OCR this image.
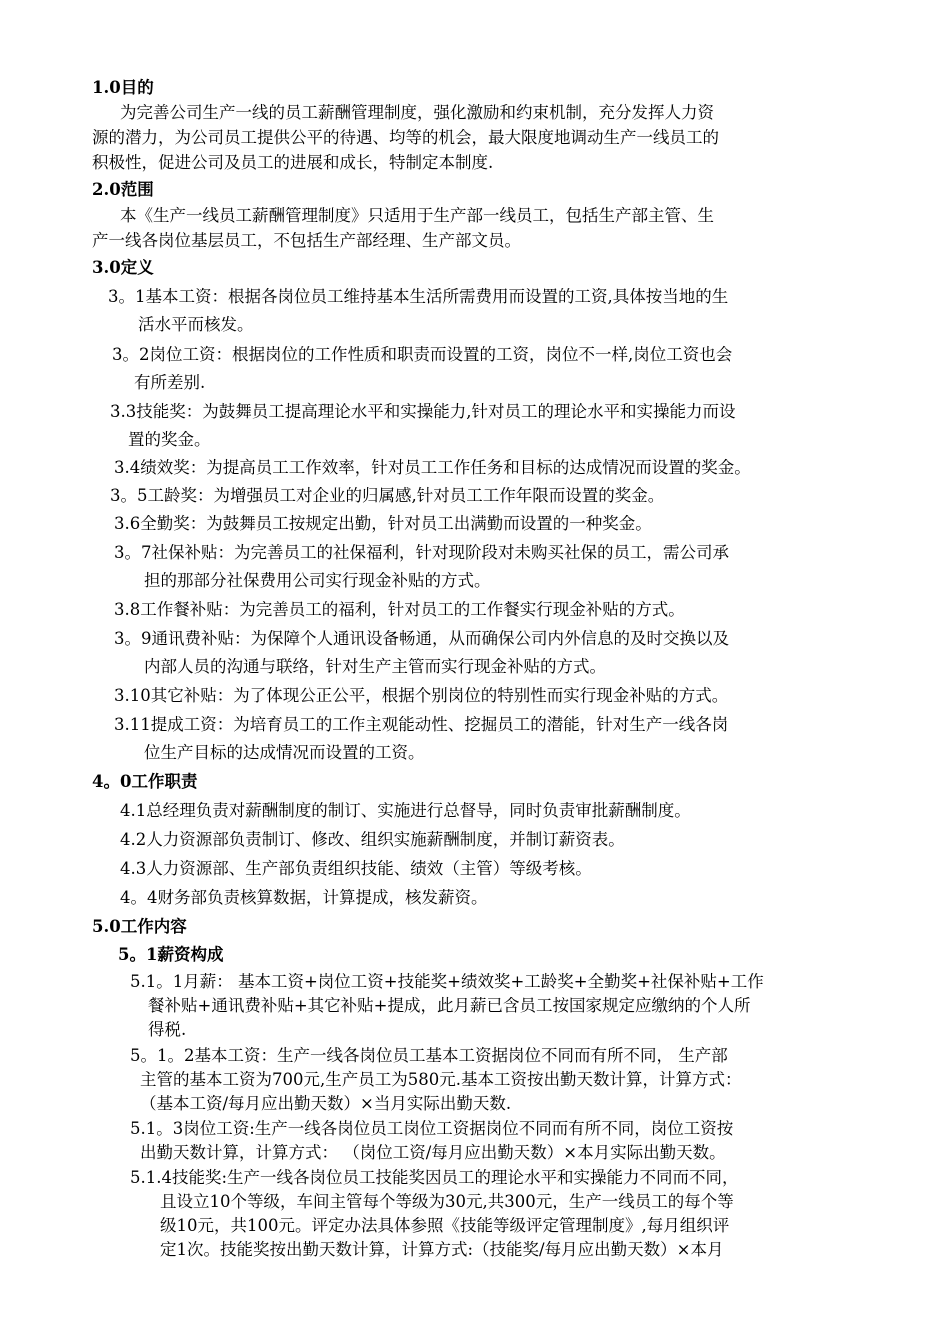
1.0目的
为完善公司生产一线的员工薪酬管理制度，强化激励和约束机制，充分发挥人力资
源的潜力，为公司员工提供公平的待遇、均等的机会，最大限度地调动生产一线员工的
积极性，促进公司及员工的进展和成长，特制定本制度.
2.0范围
本《生产一线员工薪酬管理制度》只适用于生产部一线员工，包括生产部主管、生
产一线各岗位基层员工，不包括生产部经理、生产部文员。
3.0定义
3。1基本工资：根据各岗位员工维持基本生活所需费用而设置的工资,具体按当地的生
活水平而核发。
3。2岗位工资：根据岗位的工作性质和职责而设置的工资，岗位不一样,岗位工资也会
有所差别.
3.3技能奖：为鼓舞员工提高理论水平和实操能力,针对员工的理论水平和实操能力而设
置的奖金。
3.4绩效奖：为提高员工工作效率，针对员工工作任务和目标的达成情况而设置的奖金。
3。5工龄奖：为增强员工对企业的归属感,针对员工工作年限而设置的奖金。
3.6全勤奖：为鼓舞员工按规定出勤，针对员工出满勤而设置的一种奖金。
3。7社保补贴：为完善员工的社保福利，针对现阶段对未购买社保的员工，需公司承
担的那部分社保费用公司实行现金补贴的方式。
3.8工作餐补贴：为完善员工的福利，针对员工的工作餐实行现金补贴的方式。
3。9通讯费补贴：为保障个人通讯设备畅通，从而确保公司内外信息的及时交换以及
内部人员的沟通与联络，针对生产主管而实行现金补贴的方式。
3.10其它补贴：为了体现公正公平，根据个别岗位的特别性而实行现金补贴的方式。
3.11提成工资：为培育员工的工作主观能动性、挖掘员工的潜能，针对生产一线各岗
位生产目标的达成情况而设置的工资。
4。0工作职责
4.1总经理负责对薪酬制度的制订、实施进行总督导，同时负责审批薪酬制度。
4.2人力资源部负责制订、修改、组织实施薪酬制度，并制订薪资表。
4.3人力资源部、生产部负责组织技能、绩效（主管）等级考核。
4。4财务部负责核算数据，计算提成，核发薪资。
5.0工作内容
5。1薪资构成
5.1。1月薪： 基本工资+岗位工资+技能奖+绩效奖+工龄奖+全勤奖+社保补贴+工作
餐补贴+通讯费补贴+其它补贴+提成，此月薪已含员工按国家规定应缴纳的个人所
得税.
5。1。2基本工资：生产一线各岗位员工基本工资据岗位不同而有所不同， 生产部
主管的基本工资为700元,生产员工为580元.基本工资按出勤天数计算，计算方式：
（基本工资/每月应出勤天数）×当月实际出勤天数.
5.1。3岗位工资:生产一线各岗位员工岗位工资据岗位不同而有所不同，岗位工资按
出勤天数计算，计算方式： （岗位工资/每月应出勤天数）×本月实际出勤天数。
5.1.4技能奖:生产一线各岗位员工技能奖因员工的理论水平和实操能力不同而不同，
且设立10个等级，车间主管每个等级为30元,共300元，生产一线员工的每个等
级10元，共100元。评定办法具体参照《技能等级评定管理制度》,每月组织评
定1次。技能奖按出勤天数计算，计算方式:（技能奖/每月应出勤天数）×本月
